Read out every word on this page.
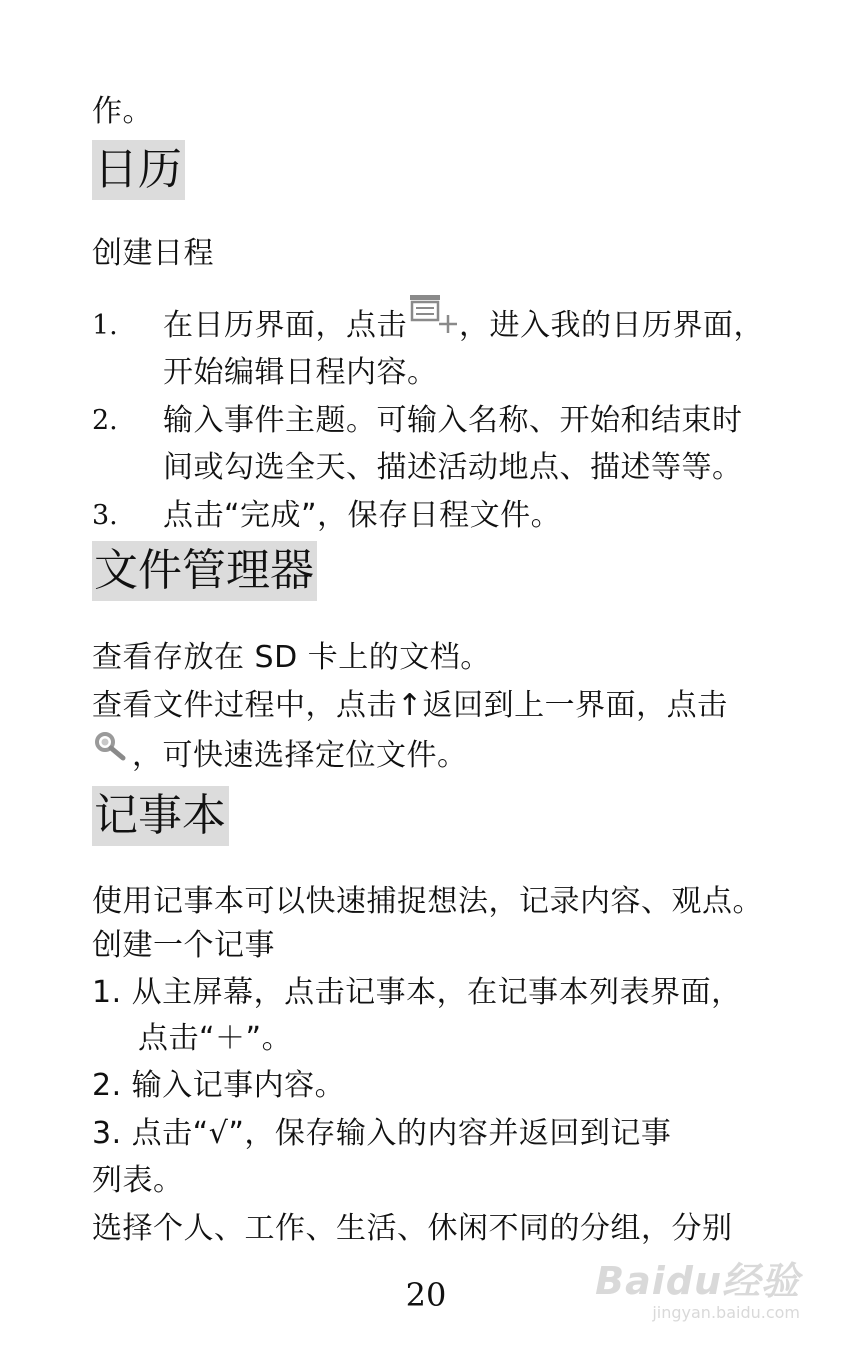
作。
日历
创建日程
1. 在日历界面，点击 ，进入我的日历界面，
开始编辑日程内容。
2. 输入事件主题。可输入名称、开始和结束时
间或勾选全天、描述活动地点、描述等等。
3. 点击“完成”，保存日程文件。
文件管理器
查看存放在 SD 卡上的文档。
查看文件过程中，点击↑返回到上一界面，点击
，可快速选择定位文件。
记事本
使用记事本可以快速捕捉想法，记录内容、观点。
创建一个记事
1. 从主屏幕，点击记事本，在记事本列表界面，
点击“＋”。
2. 输入记事内容。
3. 点击“√”，保存输入的内容并返回到记事
列表。
选择个人、工作、生活、休闲不同的分组，分别
20	Baidu经验
jingyan.baidu.com
